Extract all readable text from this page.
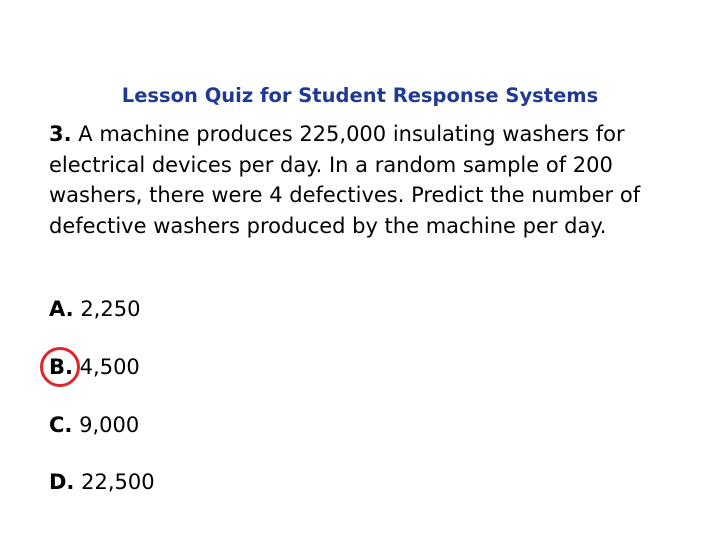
Lesson Quiz for Student Response Systems
3. A machine produces 225,000 insulating washers for electrical devices per day. In a random sample of 200 washers, there were 4 defectives. Predict the number of defective washers produced by the machine per day.
A. 2,250
B. 4,500
C. 9,000
D. 22,500
